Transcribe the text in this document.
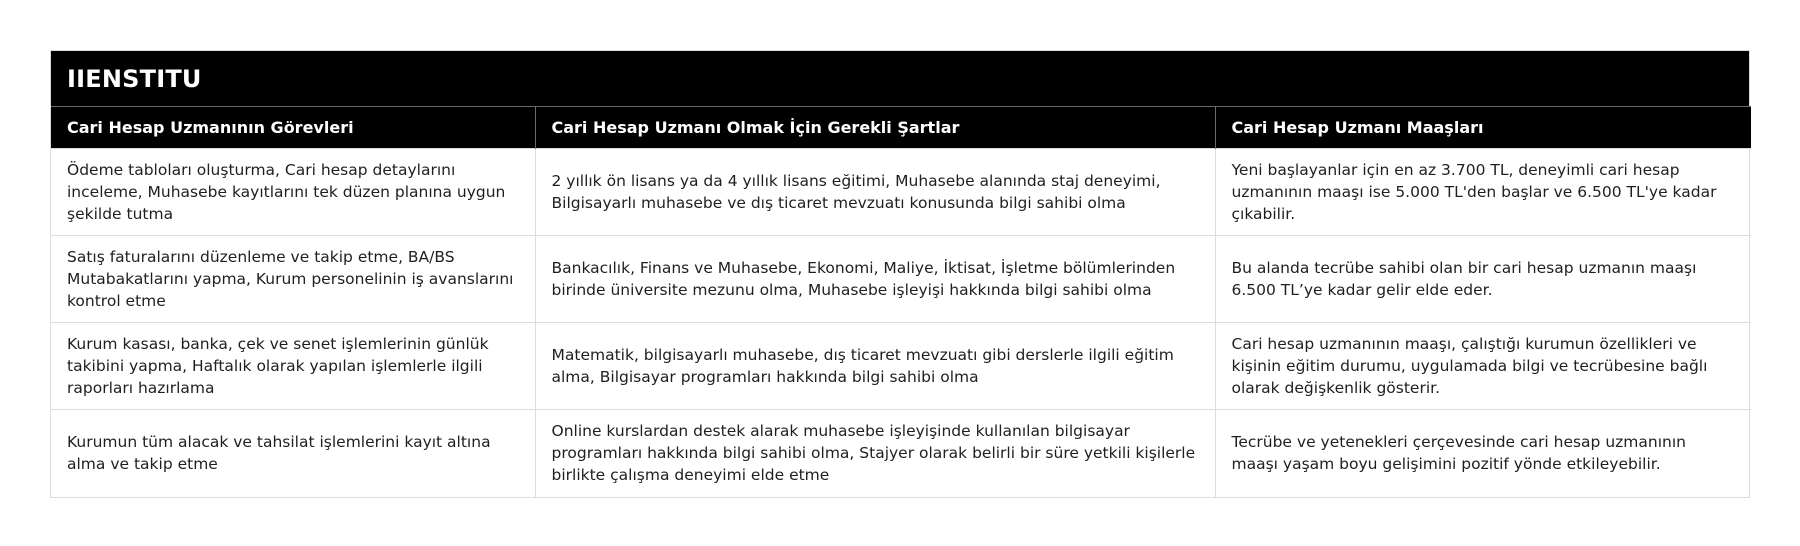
IIENSTITU
Cari Hesap Uzmanının Görevleri	Cari Hesap Uzmanı Olmak İçin Gerekli Şartlar	Cari Hesap Uzmanı Maaşları
Ödeme tabloları oluşturma, Cari hesap detaylarını inceleme, Muhasebe kayıtlarını tek düzen planına uygun şekilde tutma	2 yıllık ön lisans ya da 4 yıllık lisans eğitimi, Muhasebe alanında staj deneyimi, Bilgisayarlı muhasebe ve dış ticaret mevzuatı konusunda bilgi sahibi olma	Yeni başlayanlar için en az 3.700 TL, deneyimli cari hesap uzmanının maaşı ise 5.000 TL'den başlar ve 6.500 TL'ye kadar çıkabilir.
Satış faturalarını düzenleme ve takip etme, BA/BS Mutabakatlarını yapma, Kurum personelinin iş avanslarını kontrol etme	Bankacılık, Finans ve Muhasebe, Ekonomi, Maliye, İktisat, İşletme bölümlerinden birinde üniversite mezunu olma, Muhasebe işleyişi hakkında bilgi sahibi olma	Bu alanda tecrübe sahibi olan bir cari hesap uzmanın maaşı 6.500 TL’ye kadar gelir elde eder.
Kurum kasası, banka, çek ve senet işlemlerinin günlük takibini yapma, Haftalık olarak yapılan işlemlerle ilgili raporları hazırlama	Matematik, bilgisayarlı muhasebe, dış ticaret mevzuatı gibi derslerle ilgili eğitim alma, Bilgisayar programları hakkında bilgi sahibi olma	Cari hesap uzmanının maaşı, çalıştığı kurumun özellikleri ve kişinin eğitim durumu, uygulamada bilgi ve tecrübesine bağlı olarak değişkenlik gösterir.
Kurumun tüm alacak ve tahsilat işlemlerini kayıt altına alma ve takip etme	Online kurslardan destek alarak muhasebe işleyişinde kullanılan bilgisayar programları hakkında bilgi sahibi olma, Stajyer olarak belirli bir süre yetkili kişilerle birlikte çalışma deneyimi elde etme	Tecrübe ve yetenekleri çerçevesinde cari hesap uzmanının maaşı yaşam boyu gelişimini pozitif yönde etkileyebilir.
